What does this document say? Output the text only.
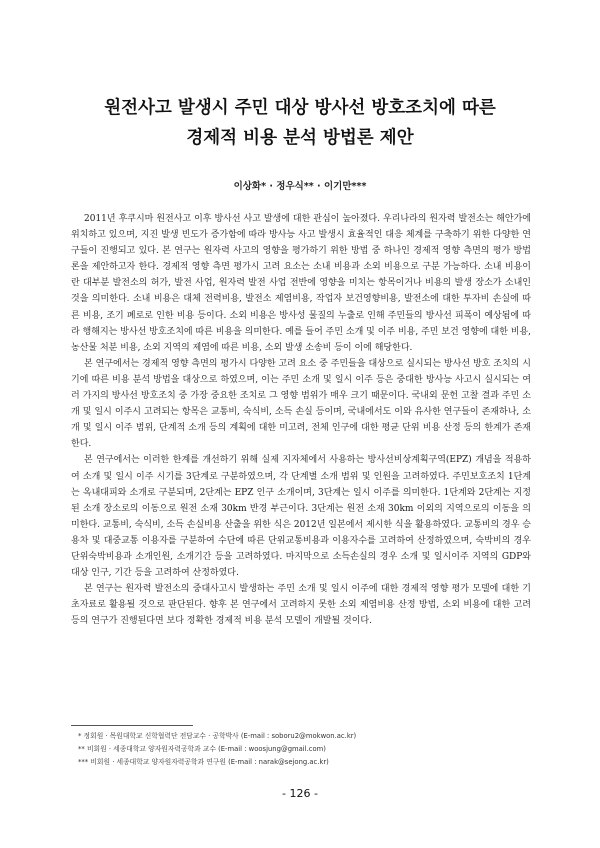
원전사고 발생시 주민 대상 방사선 방호조치에 따른
경제적 비용 분석 방법론 제안
이상화* · 정우식** · 이기만***

2011년 후쿠시마 원전사고 이후 방사선 사고 발생에 대한 관심이 높아졌다. 우리나라의 원자력 발전소는 해안가에 위치하고 있으며, 지진 발생 빈도가 증가함에 따라 방사능 사고 발생시 효율적인 대응 체계를 구축하기 위한 다양한 연구들이 진행되고 있다. 본 연구는 원자력 사고의 영향을 평가하기 위한 방법 중 하나인 경제적 영향 측면의 평가 방법론을 제안하고자 한다. 경제적 영향 측면 평가시 고려 요소는 소내 비용과 소외 비용으로 구분 가능하다. 소내 비용이란 대부분 발전소의 허가, 발전 사업, 원자력 발전 사업 전반에 영향을 미치는 항목이거나 비용의 발생 장소가 소내인 것을 의미한다. 소내 비용은 대체 전력비용, 발전소 제염비용, 작업자 보건영향비용, 발전소에 대한 투자비 손실에 따른 비용, 조기 폐로로 인한 비용 등이다. 소외 비용은 방사성 물질의 누출로 인해 주민들의 방사선 피폭이 예상됨에 따라 행해지는 방사선 방호조치에 따른 비용을 의미한다. 예를 들어 주민 소개 및 이주 비용, 주민 보건 영향에 대한 비용, 농산물 처분 비용, 소외 지역의 제염에 따른 비용, 소외 발생 소송비 등이 이에 해당한다.

본 연구에서는 경제적 영향 측면의 평가시 다양한 고려 요소 중 주민들을 대상으로 실시되는 방사선 방호 조치의 시기에 따른 비용 분석 방법을 대상으로 하였으며, 이는 주민 소개 및 일시 이주 등은 중대한 방사능 사고시 실시되는 여러 가지의 방사선 방호조치 중 가장 중요한 조치로 그 영향 범위가 매우 크기 때문이다. 국내외 문헌 고찰 결과 주민 소개 및 일시 이주시 고려되는 항목은 교통비, 숙식비, 소득 손실 등이며, 국내에서도 이와 유사한 연구들이 존재하나, 소개 및 일시 이주 범위, 단계적 소개 등의 계획에 대한 미고려, 전체 인구에 대한 평균 단위 비용 산정 등의 한계가 존재한다.

본 연구에서는 이러한 한계를 개선하기 위해 실제 지자체에서 사용하는 방사선비상계획구역(EPZ) 개념을 적용하여 소개 및 일시 이주 시기를 3단계로 구분하였으며, 각 단계별 소개 범위 및 인원을 고려하였다. 주민보호조치 1단계는 옥내대피와 소개로 구분되며, 2단계는 EPZ 인구 소개이며, 3단계는 일시 이주를 의미한다. 1단계와 2단계는 지정된 소개 장소로의 이동으로 원전 소재 30km 반경 부근이다. 3단계는 원전 소재 30km 이외의 지역으로의 이동을 의미한다. 교통비, 숙식비, 소득 손실비용 산출을 위한 식은 2012년 일본에서 제시한 식을 활용하였다. 교통비의 경우 승용차 및 대중교통 이용자를 구분하여 수단에 따른 단위교통비용과 이용자수를 고려하여 산정하였으며, 숙박비의 경우 단위숙박비용과 소개인원, 소개기간 등을 고려하였다. 마지막으로 소득손실의 경우 소개 및 일시이주 지역의 GDP와 대상 인구, 기간 등을 고려하여 산정하였다.

본 연구는 원자력 발전소의 중대사고시 발생하는 주민 소개 및 일시 이주에 대한 경제적 영향 평가 모델에 대한 기초자료로 활용될 것으로 판단된다. 향후 본 연구에서 고려하지 못한 소외 제염비용 산정 방법, 소외 비용에 대한 고려 등의 연구가 진행된다면 보다 정확한 경제적 비용 분석 모델이 개발될 것이다.

* 정회원 · 목원대학교 신학협력단 전담교수 · 공학박사 (E-mail : soboru2@mokwon.ac.kr)
** 비회원 · 세종대학교 양자원자력공학과 교수 (E-mail : woosjung@gmail.com)
*** 비회원 · 세종대학교 양자원자력공학과 연구원 (E-mail : narak@sejong.ac.kr)
- 126 -
